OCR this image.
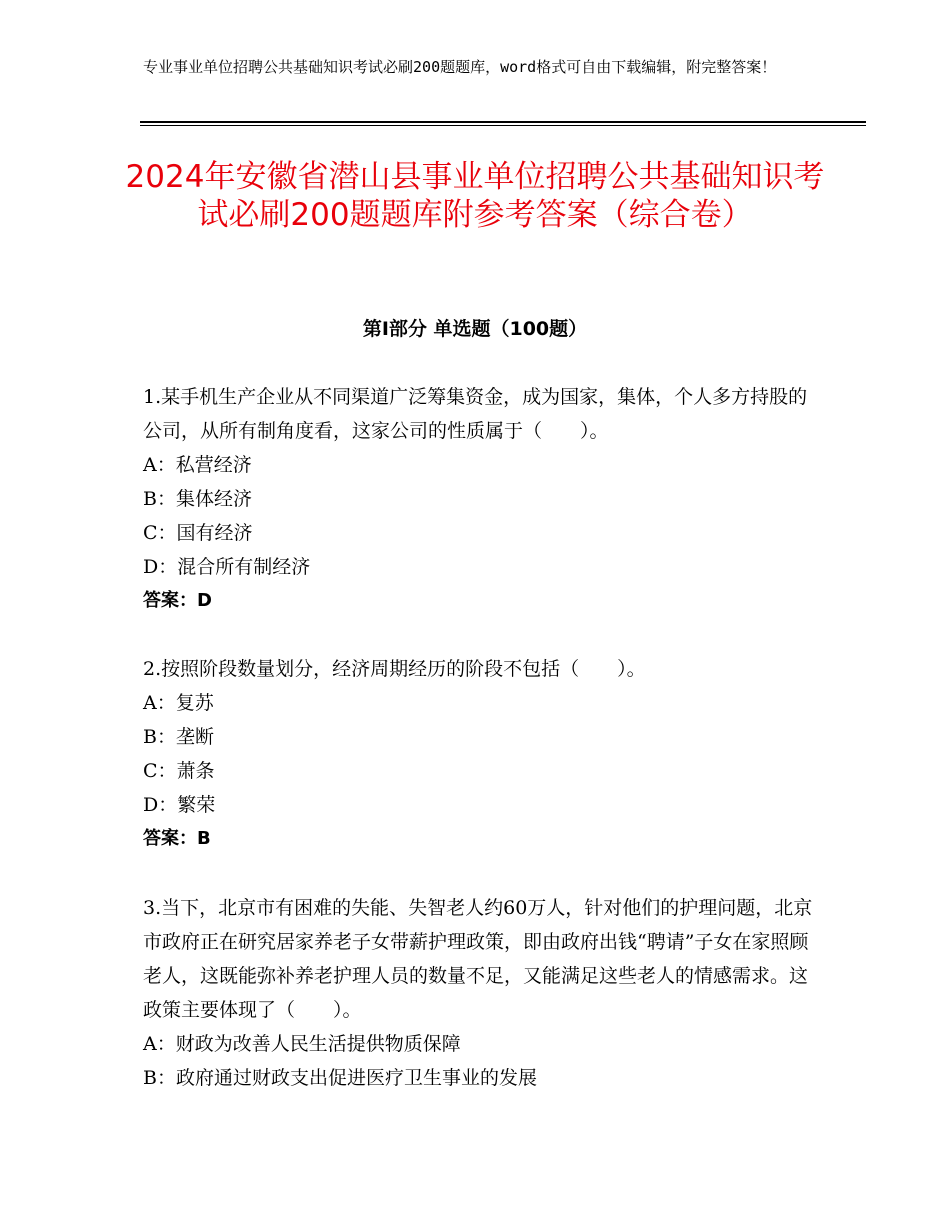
专业事业单位招聘公共基础知识考试必刷200题题库，word格式可自由下载编辑，附完整答案！
2024年安徽省潜山县事业单位招聘公共基础知识考试必刷200题题库附参考答案（综合卷）
第Ⅰ部分 单选题（100题）

1.某手机生产企业从不同渠道广泛筹集资金，成为国家，集体，个人多方持股的公司，从所有制角度看，这家公司的性质属于（　　）。

A：私营经济

B：集体经济

C：国有经济

D：混合所有制经济

答案：D

2.按照阶段数量划分，经济周期经历的阶段不包括（　　）。

A：复苏

B：垄断

C：萧条

D：繁荣

答案：B

3.当下，北京市有困难的失能、失智老人约60万人，针对他们的护理问题，北京市政府正在研究居家养老子女带薪护理政策，即由政府出钱“聘请”子女在家照顾老人，这既能弥补养老护理人员的数量不足，又能满足这些老人的情感需求。这政策主要体现了（　　）。

A：财政为改善人民生活提供物质保障

B：政府通过财政支出促进医疗卫生事业的发展
